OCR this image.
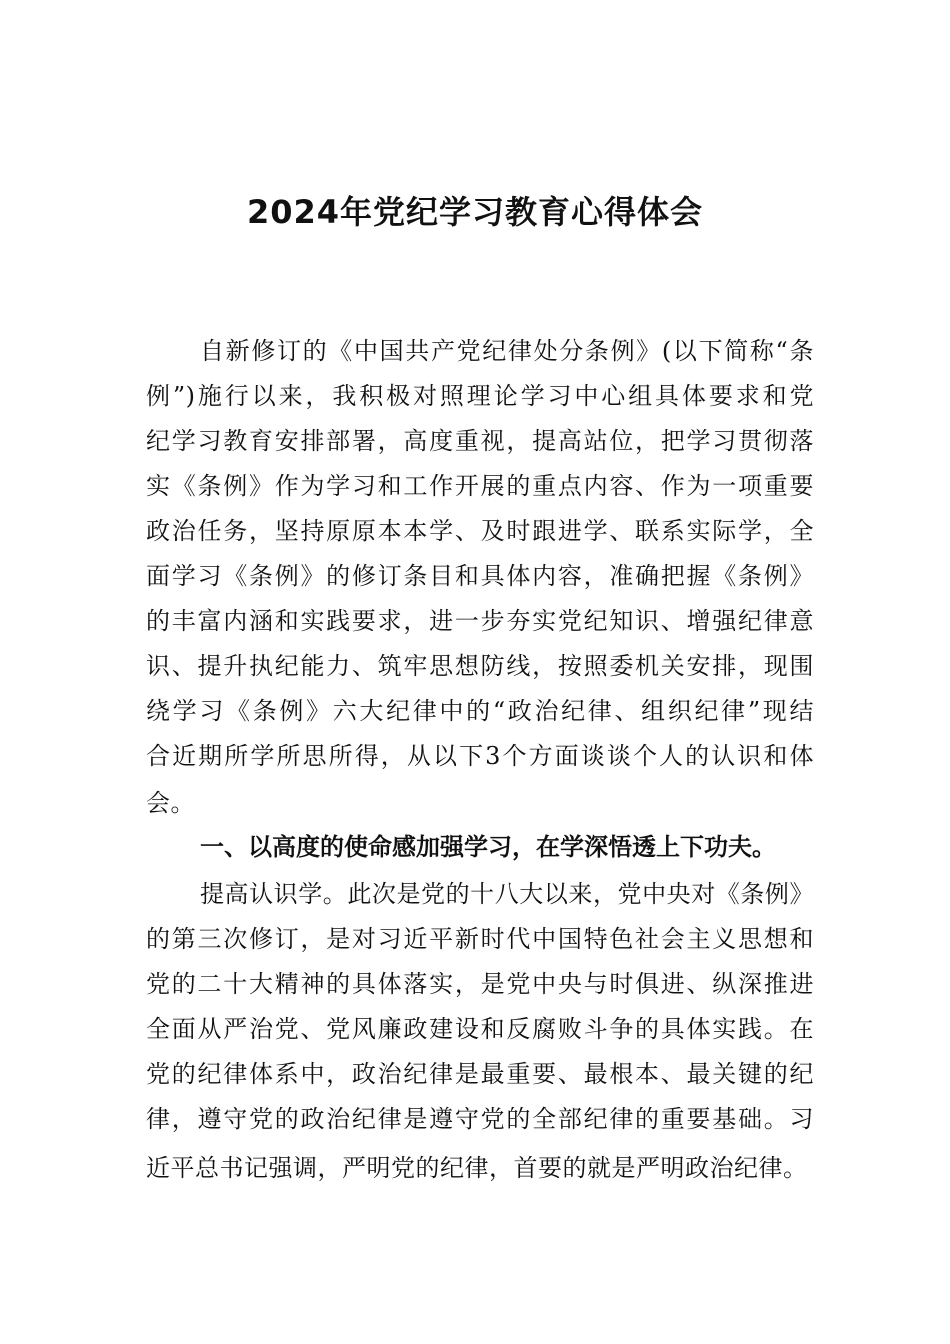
2024年党纪学习教育心得体会
自新修订的《中国共产党纪律处分条例》(以下简称“条
例”)施行以来，我积极对照理论学习中心组具体要求和党
纪学习教育安排部署，高度重视，提高站位，把学习贯彻落
实《条例》作为学习和工作开展的重点内容、作为一项重要
政治任务，坚持原原本本学、及时跟进学、联系实际学，全
面学习《条例》的修订条目和具体内容，准确把握《条例》
的丰富内涵和实践要求，进一步夯实党纪知识、增强纪律意
识、提升执纪能力、筑牢思想防线，按照委机关安排，现围
绕学习《条例》六大纪律中的“政治纪律、组织纪律”现结
合近期所学所思所得，从以下3个方面谈谈个人的认识和体
会。
一、以高度的使命感加强学习，在学深悟透上下功夫。
提高认识学。此次是党的十八大以来，党中央对《条例》
的第三次修订，是对习近平新时代中国特色社会主义思想和
党的二十大精神的具体落实，是党中央与时俱进、纵深推进
全面从严治党、党风廉政建设和反腐败斗争的具体实践。在
党的纪律体系中，政治纪律是最重要、最根本、最关键的纪
律，遵守党的政治纪律是遵守党的全部纪律的重要基础。习
近平总书记强调，严明党的纪律，首要的就是严明政治纪律。
